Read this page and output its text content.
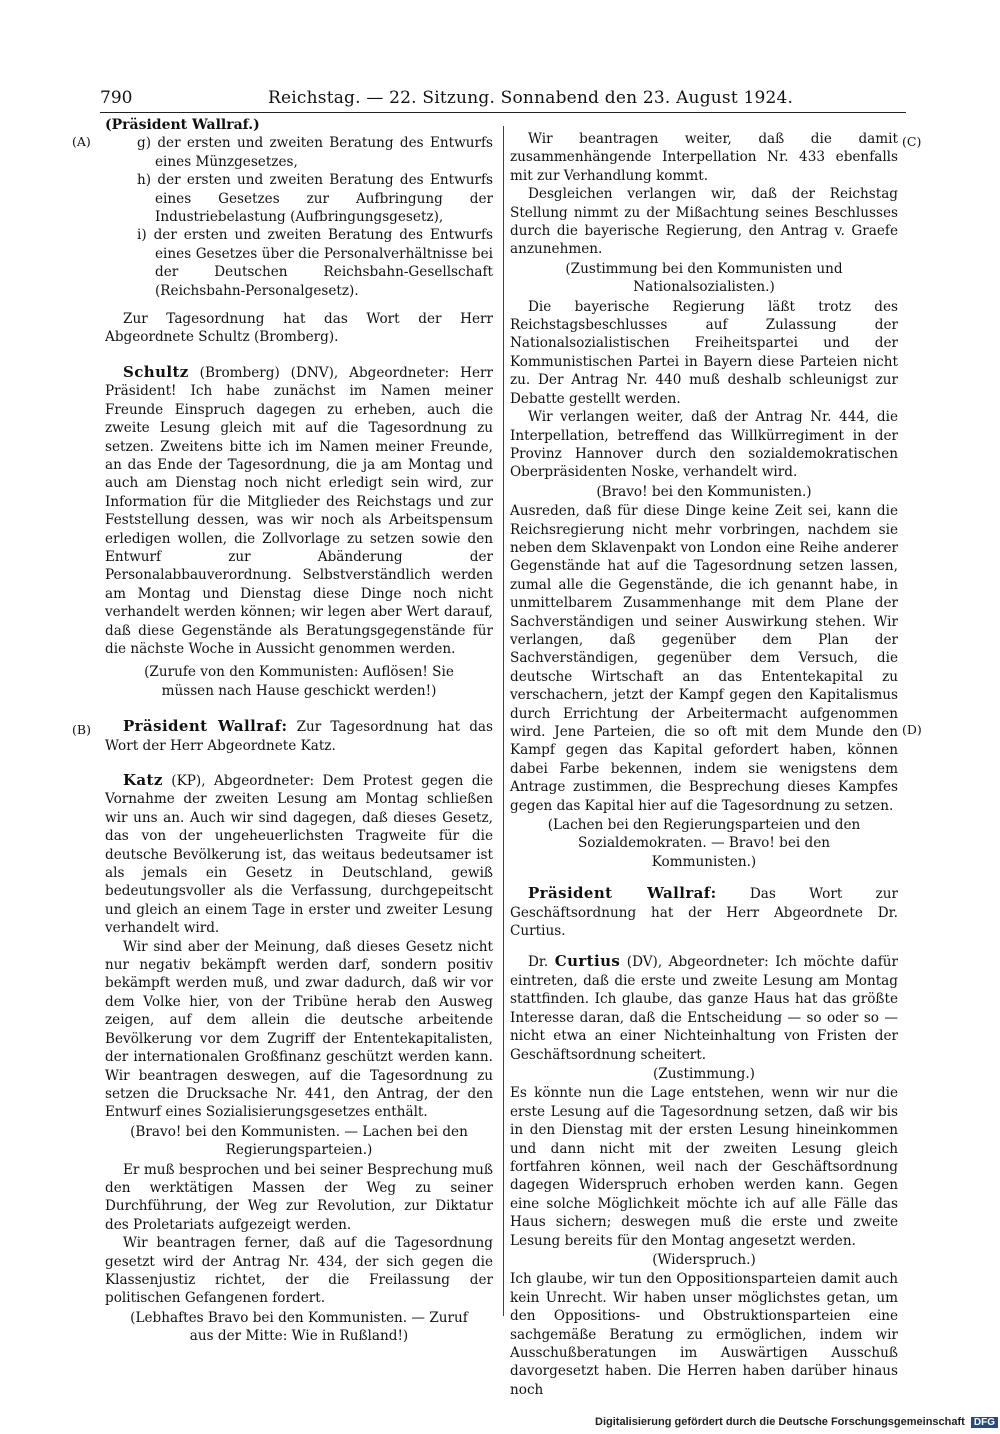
790	Reichstag. — 22. Sitzung. Sonnabend den 23. August 1924.
(A)
(B)
(C)
(D)

(Präsident Wallraf.)

g) der ersten und zweiten Beratung des Entwurfs eines Münzgesetzes,

h) der ersten und zweiten Beratung des Entwurfs eines Gesetzes zur Aufbringung der Industriebelastung (Aufbringungsgesetz),

i) der ersten und zweiten Beratung des Entwurfs eines Gesetzes über die Personalverhältnisse bei der Deutschen Reichsbahn-Gesellschaft (Reichsbahn-Personalgesetz).

Zur Tagesordnung hat das Wort der Herr Abgeordnete Schultz (Bromberg).

Schultz (Bromberg) (DNV), Abgeordneter: Herr Präsident! Ich habe zunächst im Namen meiner Freunde Einspruch dagegen zu erheben, auch die zweite Lesung gleich mit auf die Tagesordnung zu setzen. Zweitens bitte ich im Namen meiner Freunde, an das Ende der Tagesordnung, die ja am Montag und auch am Dienstag noch nicht erledigt sein wird, zur Information für die Mitglieder des Reichstags und zur Feststellung dessen, was wir noch als Arbeitspensum erledigen wollen, die Zollvorlage zu setzen sowie den Entwurf zur Abänderung der Personalabbauverordnung. Selbstverständlich werden am Montag und Dienstag diese Dinge noch nicht verhandelt werden können; wir legen aber Wert darauf, daß diese Gegenstände als Beratungsgegenstände für die nächste Woche in Aussicht genommen werden.

(Zurufe von den Kommunisten: Auflösen! Sie müssen nach Hause geschickt werden!)

Präsident Wallraf: Zur Tagesordnung hat das Wort der Herr Abgeordnete Katz.

Katz (KP), Abgeordneter: Dem Protest gegen die Vornahme der zweiten Lesung am Montag schließen wir uns an. Auch wir sind dagegen, daß dieses Gesetz, das von der ungeheuerlichsten Tragweite für die deutsche Bevölkerung ist, das weitaus bedeutsamer ist als jemals ein Gesetz in Deutschland, gewiß bedeutungsvoller als die Verfassung, durchgepeitscht und gleich an einem Tage in erster und zweiter Lesung verhandelt wird.

Wir sind aber der Meinung, daß dieses Gesetz nicht nur negativ bekämpft werden darf, sondern positiv bekämpft werden muß, und zwar dadurch, daß wir vor dem Volke hier, von der Tribüne herab den Ausweg zeigen, auf dem allein die deutsche arbeitende Bevölkerung vor dem Zugriff der Ententekapitalisten, der internationalen Großfinanz geschützt werden kann. Wir beantragen deswegen, auf die Tagesordnung zu setzen die Drucksache Nr. 441, den Antrag, der den Entwurf eines Sozialisierungsgesetzes enthält.

(Bravo! bei den Kommunisten. — Lachen bei den Regierungsparteien.)

Er muß besprochen und bei seiner Besprechung muß den werktätigen Massen der Weg zu seiner Durchführung, der Weg zur Revolution, zur Diktatur des Proletariats aufgezeigt werden.

Wir beantragen ferner, daß auf die Tagesordnung gesetzt wird der Antrag Nr. 434, der sich gegen die Klassenjustiz richtet, der die Freilassung der politischen Gefangenen fordert.

(Lebhaftes Bravo bei den Kommunisten. — Zuruf aus der Mitte: Wie in Rußland!)

Wir beantragen weiter, daß die damit zusammenhängende Interpellation Nr. 433 ebenfalls mit zur Verhandlung kommt.

Desgleichen verlangen wir, daß der Reichstag Stellung nimmt zu der Mißachtung seines Beschlusses durch die bayerische Regierung, den Antrag v. Graefe anzunehmen.

(Zustimmung bei den Kommunisten und Nationalsozialisten.)

Die bayerische Regierung läßt trotz des Reichstagsbeschlusses auf Zulassung der Nationalsozialistischen Freiheitspartei und der Kommunistischen Partei in Bayern diese Parteien nicht zu. Der Antrag Nr. 440 muß deshalb schleunigst zur Debatte gestellt werden.

Wir verlangen weiter, daß der Antrag Nr. 444, die Interpellation, betreffend das Willkürregiment in der Provinz Hannover durch den sozialdemokratischen Oberpräsidenten Noske, verhandelt wird.

(Bravo! bei den Kommunisten.)

Ausreden, daß für diese Dinge keine Zeit sei, kann die Reichsregierung nicht mehr vorbringen, nachdem sie neben dem Sklavenpakt von London eine Reihe anderer Gegenstände hat auf die Tagesordnung setzen lassen, zumal alle die Gegenstände, die ich genannt habe, in unmittelbarem Zusammenhange mit dem Plane der Sachverständigen und seiner Auswirkung stehen. Wir verlangen, daß gegenüber dem Plan der Sachverständigen, gegenüber dem Versuch, die deutsche Wirtschaft an das Ententekapital zu verschachern, jetzt der Kampf gegen den Kapitalismus durch Errichtung der Arbeitermacht aufgenommen wird. Jene Parteien, die so oft mit dem Munde den Kampf gegen das Kapital gefordert haben, können dabei Farbe bekennen, indem sie wenigstens dem Antrage zustimmen, die Besprechung dieses Kampfes gegen das Kapital hier auf die Tagesordnung zu setzen.

(Lachen bei den Regierungsparteien und den Sozialdemokraten. — Bravo! bei den Kommunisten.)

Präsident Wallraf: Das Wort zur Geschäftsordnung hat der Herr Abgeordnete Dr. Curtius.

Dr. Curtius (DV), Abgeordneter: Ich möchte dafür eintreten, daß die erste und zweite Lesung am Montag stattfinden. Ich glaube, das ganze Haus hat das größte Interesse daran, daß die Entscheidung — so oder so — nicht etwa an einer Nichteinhaltung von Fristen der Geschäftsordnung scheitert.

(Zustimmung.)

Es könnte nun die Lage entstehen, wenn wir nur die erste Lesung auf die Tagesordnung setzen, daß wir bis in den Dienstag mit der ersten Lesung hineinkommen und dann nicht mit der zweiten Lesung gleich fortfahren können, weil nach der Geschäftsordnung dagegen Widerspruch erhoben werden kann. Gegen eine solche Möglichkeit möchte ich auf alle Fälle das Haus sichern; deswegen muß die erste und zweite Lesung bereits für den Montag angesetzt werden.

(Widerspruch.)

Ich glaube, wir tun den Oppositionsparteien damit auch kein Unrecht. Wir haben unser möglichstes getan, um den Oppositions- und Obstruktionsparteien eine sachgemäße Beratung zu ermöglichen, indem wir Ausschußberatungen im Auswärtigen Ausschuß davorgesetzt haben. Die Herren haben darüber hinaus noch

Digitalisierung gefördert durch die Deutsche Forschungsgemeinschaft DFG
